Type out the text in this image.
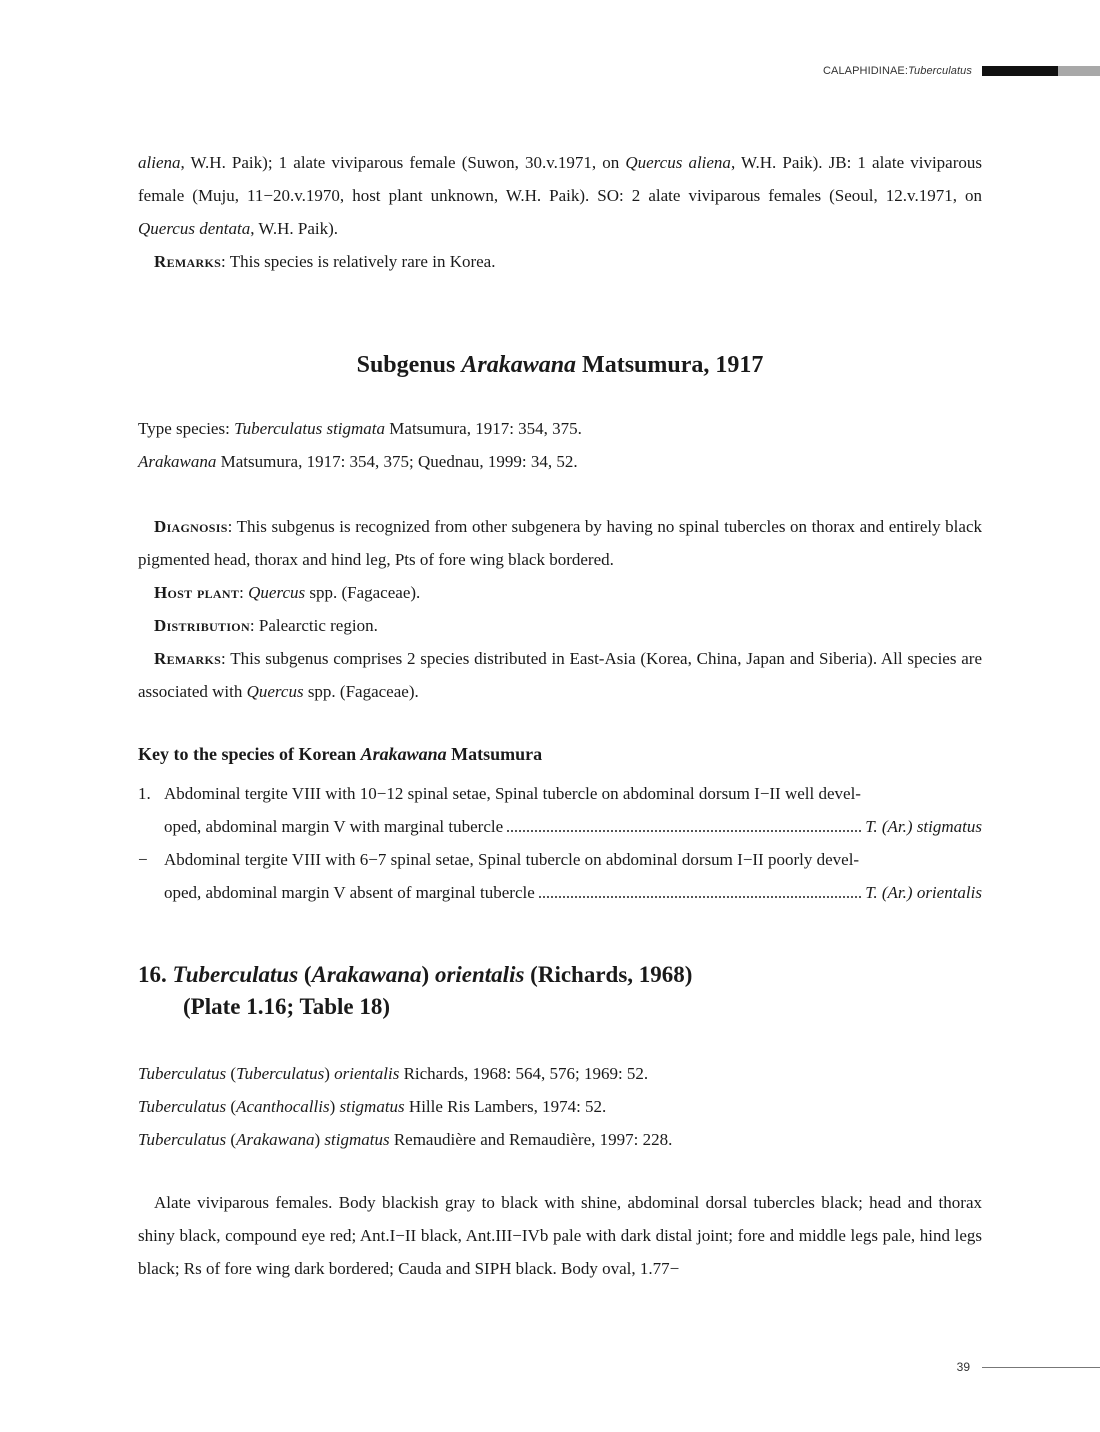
CALAPHIDINAE: Tuberculatus

aliena, W.H. Paik); 1 alate viviparous female (Suwon, 30.v.1971, on Quercus aliena, W.H. Paik). JB: 1 alate viviparous female (Muju, 11−20.v.1970, host plant unknown, W.H. Paik). SO: 2 alate viviparous females (Seoul, 12.v.1971, on Quercus dentata, W.H. Paik).

Remarks: This species is relatively rare in Korea.

Subgenus Arakawana Matsumura, 1917

Type species: Tuberculatus stigmata Matsumura, 1917: 354, 375.

Arakawana Matsumura, 1917: 354, 375; Quednau, 1999: 34, 52.

Diagnosis: This subgenus is recognized from other subgenera by having no spinal tubercles on thorax and entirely black pigmented head, thorax and hind leg, Pts of fore wing black bordered.

Host plant: Quercus spp. (Fagaceae).

Distribution: Palearctic region.

Remarks: This subgenus comprises 2 species distributed in East-Asia (Korea, China, Japan and Siberia). All species are associated with Quercus spp. (Fagaceae).

Key to the species of Korean Arakawana Matsumura
1. Abdominal tergite VIII with 10−12 spinal setae, Spinal tubercle on abdominal dorsum I−II well devel-
oped, abdominal margin V with marginal tubercle	T. (Ar.) stigmatus
− Abdominal tergite VIII with 6−7 spinal setae, Spinal tubercle on abdominal dorsum I−II poorly devel-
oped, abdominal margin V absent of marginal tubercle	T. (Ar.) orientalis
16. Tuberculatus (Arakawana) orientalis (Richards, 1968)
(Plate 1.16; Table 18)

Tuberculatus (Tuberculatus) orientalis Richards, 1968: 564, 576; 1969: 52.

Tuberculatus (Acanthocallis) stigmatus Hille Ris Lambers, 1974: 52.

Tuberculatus (Arakawana) stigmatus Remaudière and Remaudière, 1997: 228.

Alate viviparous females. Body blackish gray to black with shine, abdominal dorsal tubercles black; head and thorax shiny black, compound eye red; Ant.I−II black, Ant.III−IVb pale with dark distal joint; fore and middle legs pale, hind legs black; Rs of fore wing dark bordered; Cauda and SIPH black. Body oval, 1.77−

39
